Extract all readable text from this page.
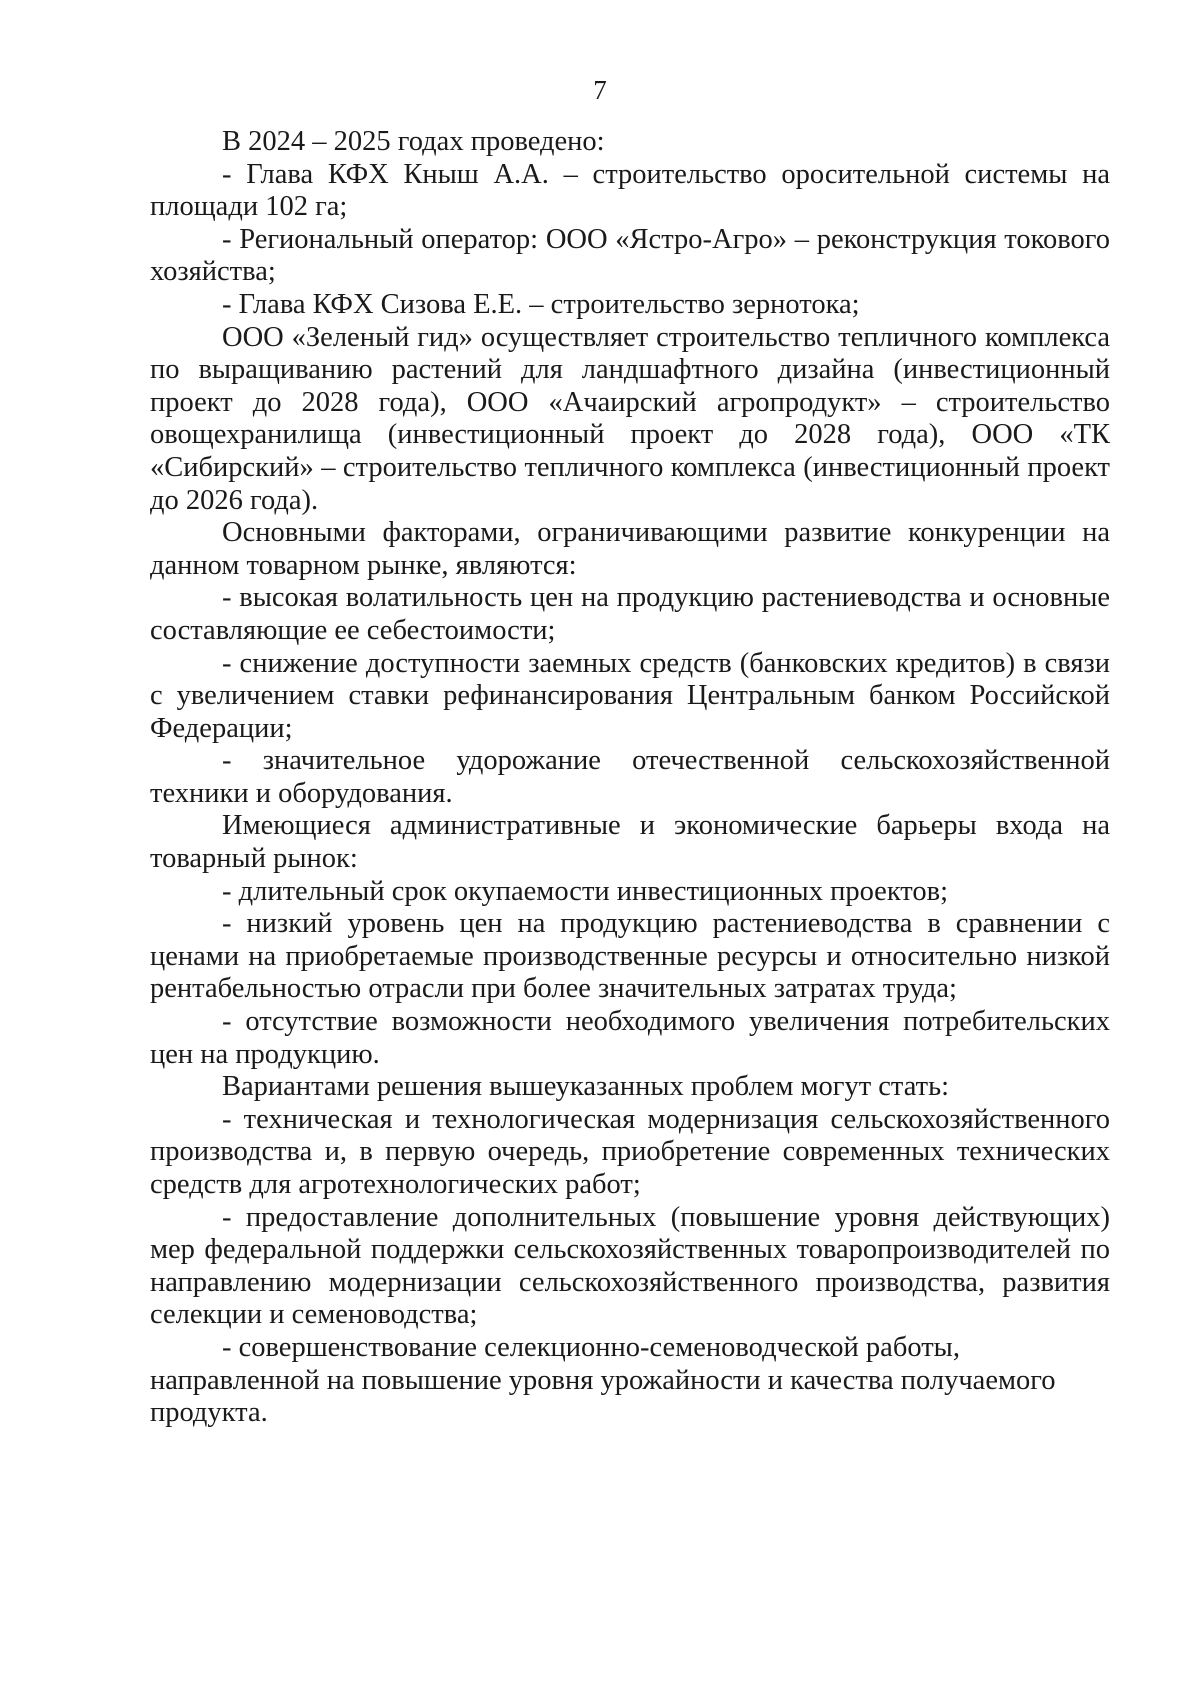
7

В 2024 – 2025 годах проведено:

- Глава КФХ Кныш А.А. – строительство оросительной системы на площади 102 га;

- Региональный оператор: ООО «Ястро-Агро» – реконструкция токового хозяйства;

- Глава КФХ Сизова Е.Е. – строительство зернотока;

ООО «Зеленый гид» осуществляет строительство тепличного комплекса по выращиванию растений для ландшафтного дизайна (инвестиционный проект до 2028 года), ООО «Ачаирский агропродукт» – строительство овощехранилища (инвестиционный проект до 2028 года), ООО «ТК «Сибирский» – строительство тепличного комплекса (инвестиционный проект до 2026 года).

Основными факторами, ограничивающими развитие конкуренции на данном товарном рынке, являются:

- высокая волатильность цен на продукцию растениеводства и основные составляющие ее себестоимости;

- снижение доступности заемных средств (банковских кредитов) в связи с увеличением ставки рефинансирования Центральным банком Российской Федерации;

- значительное удорожание отечественной сельскохозяйственной техники и оборудования.

Имеющиеся административные и экономические барьеры входа на товарный рынок:

- длительный срок окупаемости инвестиционных проектов;

- низкий уровень цен на продукцию растениеводства в сравнении с ценами на приобретаемые производственные ресурсы и относительно низкой рентабельностью отрасли при более значительных затратах труда;

- отсутствие возможности необходимого увеличения потребительских цен на продукцию.

Вариантами решения вышеуказанных проблем могут стать:

- техническая и технологическая модернизация сельскохозяйственного производства и, в первую очередь, приобретение современных технических средств для агротехнологических работ;

- предоставление дополнительных (повышение уровня действующих) мер федеральной поддержки сельскохозяйственных товаропроизводителей по направлению модернизации сельскохозяйственного производства, развития селекции и семеноводства;

- совершенствование селекционно-семеноводческой работы, направленной на повышение уровня урожайности и качества получаемого продукта.
